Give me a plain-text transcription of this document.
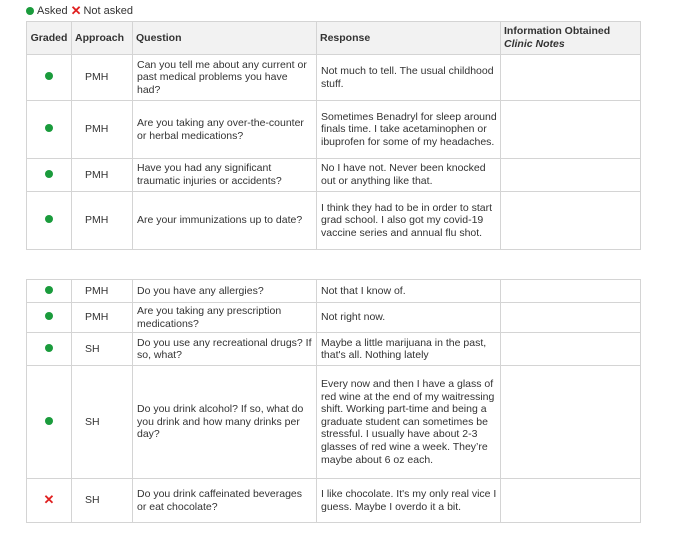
Asked ✕ Not asked
Graded	Approach	Question	Response	Information Obtained
Clinic Notes

	PMH	Can you tell me about any current or past medical problems you have had?	Not much to tell. The usual childhood stuff.	
	PMH	Are you taking any over-the-counter or herbal medications?	Sometimes Benadryl for sleep around finals time. I take acetaminophen or ibuprofen for some of my headaches.	
	PMH	Have you had any significant traumatic injuries or accidents?	No I have not. Never been knocked out or anything like that.	
	PMH	Are your immunizations up to date?	I think they had to be in order to start grad school. I also got my covid-19 vaccine series and annual flu shot.	
	PMH	Do you have any allergies?	Not that I know of.	
	PMH	Are you taking any prescription medications?	Not right now.	
	SH	Do you use any recreational drugs? If so, what?	Maybe a little marijuana in the past, that's all. Nothing lately	
	SH	Do you drink alcohol? If so, what do you drink and how many drinks per day?	Every now and then I have a glass of red wine at the end of my waitressing shift. Working part-time and being a graduate student can sometimes be stressful. I usually have about 2-3 glasses of red wine a week. They’re maybe about 6 oz each.	
✕	SH	Do you drink caffeinated beverages or eat chocolate?	I like chocolate. It's my only real vice I guess. Maybe I overdo it a bit.	
